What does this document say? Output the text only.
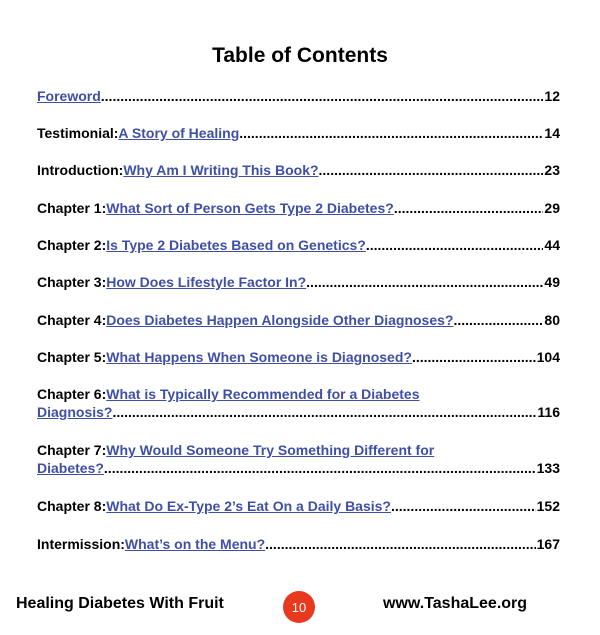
Table of Contents
Foreword .....	12
Testimonial: A Story of Healing .....	14
Introduction: Why Am I Writing This Book? .....	23
Chapter 1: What Sort of Person Gets Type 2 Diabetes? .....	29
Chapter 2: Is Type 2 Diabetes Based on Genetics? .....	44
Chapter 3: How Does Lifestyle Factor In? .....	49
Chapter 4: Does Diabetes Happen Alongside Other Diagnoses? .....	80
Chapter 5: What Happens When Someone is Diagnosed? .....	104
Chapter 6: What is Typically Recommended for a Diabetes
Diagnosis? .....	116
Chapter 7: Why Would Someone Try Something Different for
Diabetes? .....	133
Chapter 8: What Do Ex-Type 2’s Eat On a Daily Basis? .....	152
Intermission: What’s on the Menu? .....	167
Healing Diabetes With Fruit	10	www.TashaLee.org
